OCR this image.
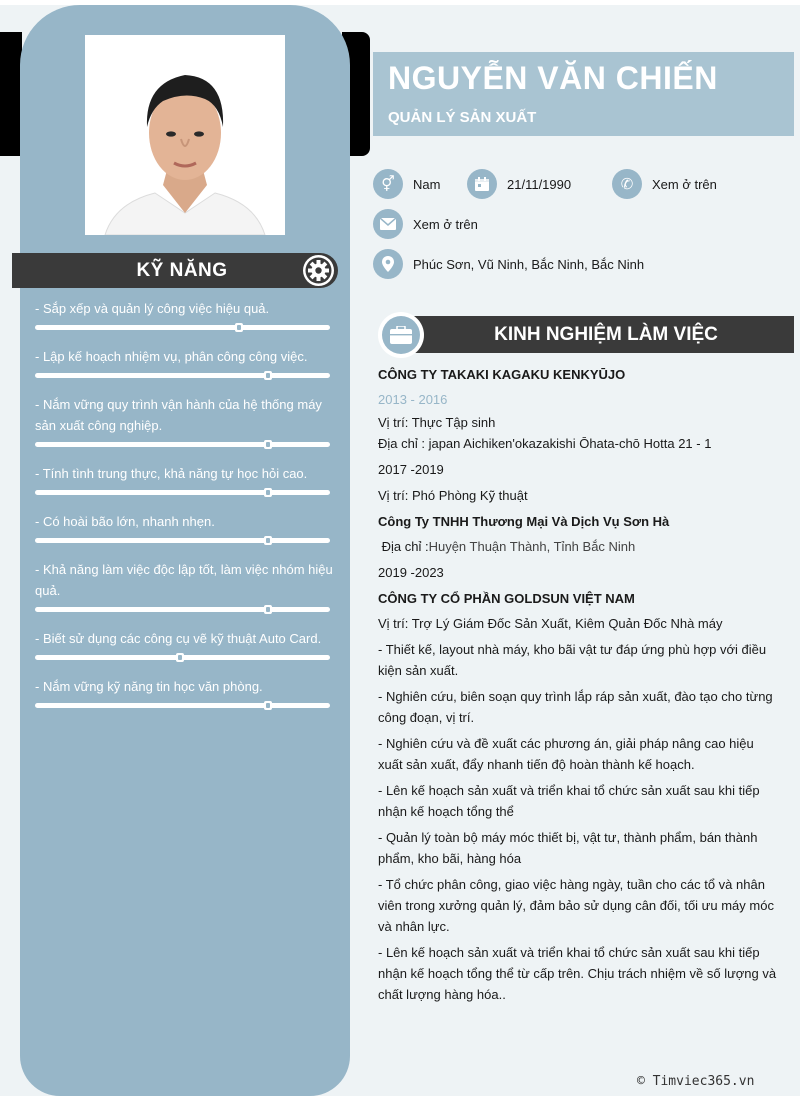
KỸ NĂNG
- Sắp xếp và quản lý công việc hiệu quả.
- Lập kế hoạch nhiệm vụ, phân công công việc.
- Nắm vững quy trình vận hành của hệ thống máy sản xuất công nghiệp.
- Tính tình trung thực, khả năng tự học hỏi cao.
- Có hoài bão lớn, nhanh nhẹn.
- Khả năng làm việc độc lập tốt, làm việc nhóm hiệu quả.
- Biết sử dụng các công cụ vẽ kỹ thuật Auto Card.
- Nắm vững kỹ năng tin học văn phòng.
NGUYỄN VĂN CHIẾN
QUẢN LÝ SẢN XUẤT
⚥	Nam	21/11/1990	✆	Xem ở trên
Xem ở trên
Phúc Sơn, Vũ Ninh, Bắc Ninh, Bắc Ninh
KINH NGHIỆM LÀM VIỆC
CÔNG TY TAKAKI KAGAKU KENKYŪJO
2013 - 2016
Vị trí: Thực Tập sinh
Địa chỉ : japan Aichiken'okazakishi Ōhata-chō Hotta 21 - 1
2017 -2019
Vị trí: Phó Phòng Kỹ thuật
Công Ty TNHH Thương Mại Và Dịch Vụ Sơn Hà
Địa chỉ :Huyện Thuận Thành, Tỉnh Bắc Ninh
2019 -2023
CÔNG TY CỔ PHẦN GOLDSUN VIỆT NAM
Vị trí: Trợ Lý Giám Đốc Sản Xuất, Kiêm Quản Đốc Nhà máy
- Thiết kế, layout nhà máy, kho bãi vật tư đáp ứng phù hợp với điều kiện sản xuất.
- Nghiên cứu, biên soạn quy trình lắp ráp sản xuất, đào tạo cho từng công đoạn, vị trí.
- Nghiên cứu và đề xuất các phương án, giải pháp nâng cao hiệu xuất sản xuất, đẩy nhanh tiến độ hoàn thành kế hoạch.
- Lên kế hoạch sản xuất và triển khai tổ chức sản xuất sau khi tiếp nhận kế hoạch tổng thể
- Quản lý toàn bộ máy móc thiết bị, vật tư, thành phẩm, bán thành phẩm, kho bãi, hàng hóa
- Tổ chức phân công, giao việc hàng ngày, tuần cho các tổ và nhân viên trong xưởng quản lý, đảm bảo sử dụng cân đối, tối ưu máy móc và nhân lực.
- Lên kế hoạch sản xuất và triển khai tổ chức sản xuất sau khi tiếp nhận kế hoạch tổng thể từ cấp trên. Chịu trách nhiệm về số lượng và chất lượng hàng hóa..
© Timviec365.vn
